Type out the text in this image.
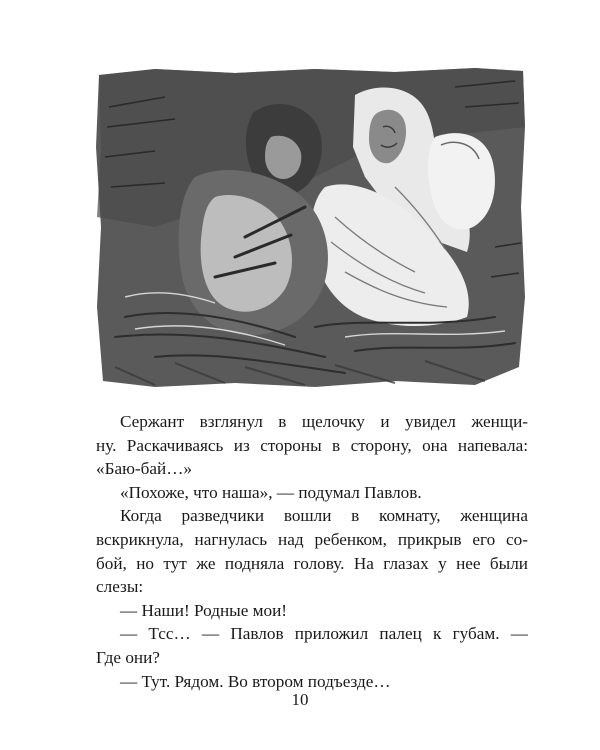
Сержант взглянул в щелочку и увидел женщи-
ну. Раскачиваясь из стороны в сторону, она напевала:
«Баю-бай…»
«Похоже, что наша», — подумал Павлов.
Когда разведчики вошли в комнату, женщина
вскрикнула, нагнулась над ребенком, прикрыв его со-
бой, но тут же подняла голову. На глазах у нее были
слезы:
— Наши! Родные мои!
— Тсс… — Павлов приложил палец к губам. —
Где они?
— Тут. Рядом. Во втором подъезде…
10
